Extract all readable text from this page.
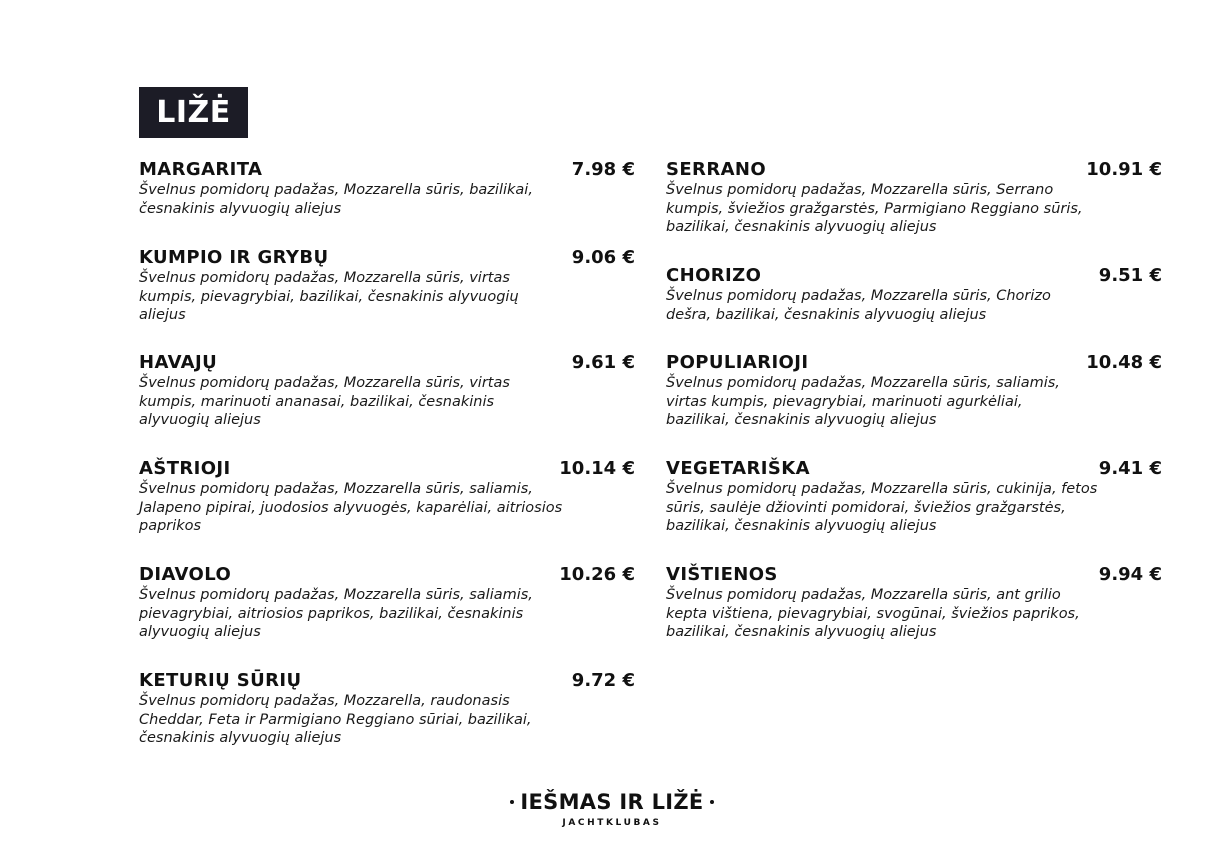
LIŽĖ
MARGARITA	7.98 €
Švelnus pomidorų padažas, Mozzarella sūris, bazilikai, česnakinis alyvuogių aliejus
KUMPIO IR GRYBŲ	9.06 €
Švelnus pomidorų padažas, Mozzarella sūris, virtas kumpis, pievagrybiai, bazilikai, česnakinis alyvuogių aliejus
HAVAJŲ	9.61 €
Švelnus pomidorų padažas, Mozzarella sūris, virtas kumpis, marinuoti ananasai, bazilikai, česnakinis alyvuogių aliejus
AŠTRIOJI	10.14 €
Švelnus pomidorų padažas, Mozzarella sūris, saliamis, Jalapeno pipirai, juodosios alyvuogės, kaparėliai, aitriosios paprikos
DIAVOLO	10.26 €
Švelnus pomidorų padažas, Mozzarella sūris, saliamis, pievagrybiai, aitriosios paprikos, bazilikai, česnakinis alyvuogių aliejus
KETURIŲ SŪRIŲ	9.72 €
Švelnus pomidorų padažas, Mozzarella, raudonasis Cheddar, Feta ir Parmigiano Reggiano sūriai, bazilikai, česnakinis alyvuogių aliejus
SERRANO	10.91 €
Švelnus pomidorų padažas, Mozzarella sūris, Serrano kumpis, šviežios gražgarstės, Parmigiano Reggiano sūris, bazilikai, česnakinis alyvuogių aliejus
CHORIZO	9.51 €
Švelnus pomidorų padažas, Mozzarella sūris, Chorizo dešra, bazilikai, česnakinis alyvuogių aliejus
POPULIARIOJI	10.48 €
Švelnus pomidorų padažas, Mozzarella sūris, saliamis, virtas kumpis, pievagrybiai, marinuoti agurkėliai, bazilikai, česnakinis alyvuogių aliejus
VEGETARIŠKA	9.41 €
Švelnus pomidorų padažas, Mozzarella sūris, cukinija, fetos sūris, saulėje džiovinti pomidorai, šviežios gražgarstės, bazilikai, česnakinis alyvuogių aliejus
VIŠTIENOS	9.94 €
Švelnus pomidorų padažas, Mozzarella sūris, ant grilio kepta vištiena, pievagrybiai, svogūnai, šviežios paprikos, bazilikai, česnakinis alyvuogių aliejus
IEŠMAS IR LIŽĖ
JACHTKLUBAS
